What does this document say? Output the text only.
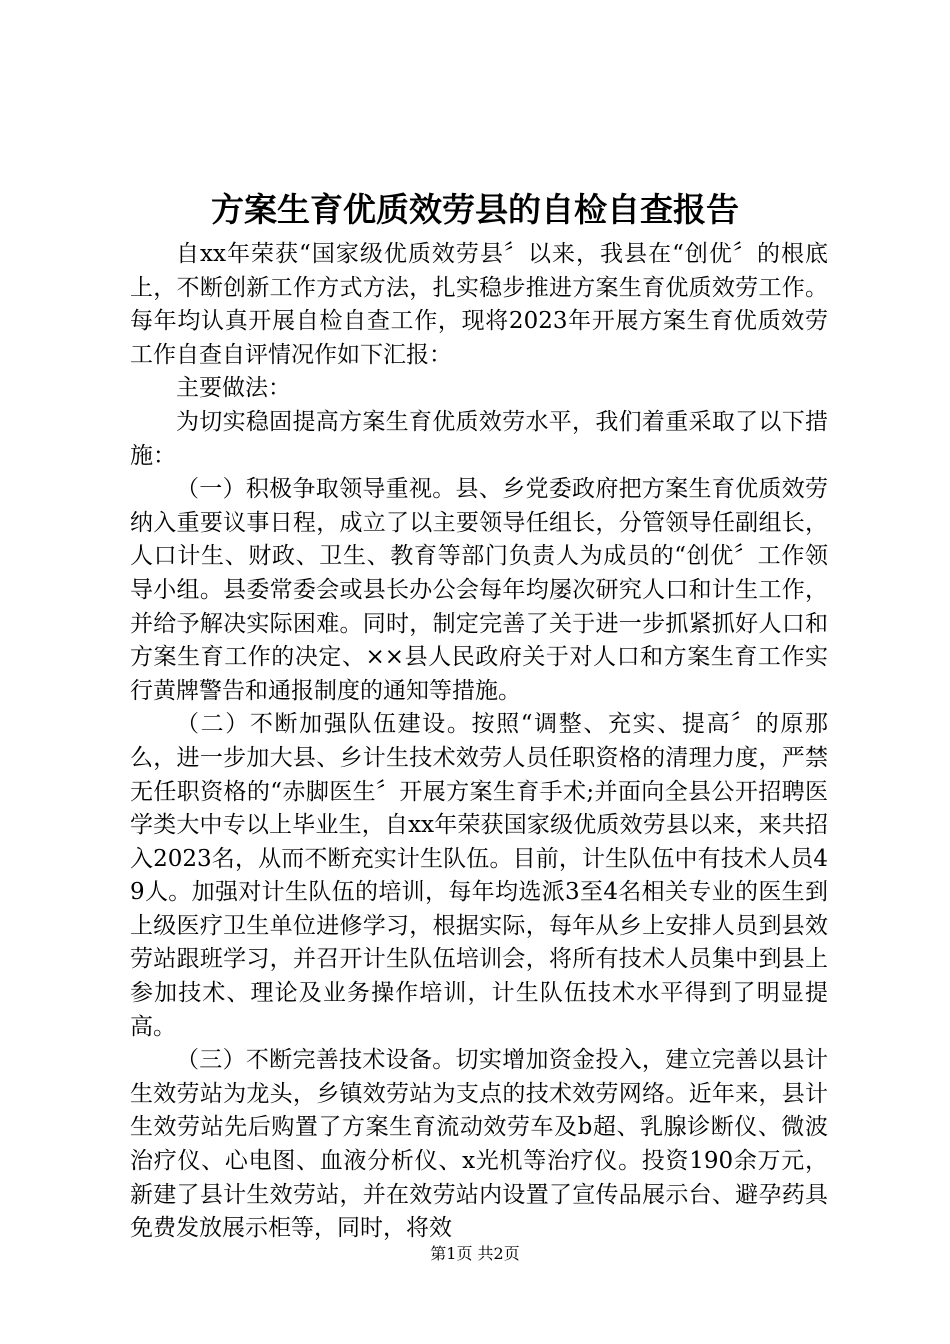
方案生育优质效劳县的自检自查报告

自xx年荣获“国家级优质效劳县〞以来，我县在“创优〞的根底上，不断创新工作方式方法，扎实稳步推进方案生育优质效劳工作。每年均认真开展自检自查工作，现将2023年开展方案生育优质效劳工作自查自评情况作如下汇报：

主要做法：

为切实稳固提高方案生育优质效劳水平，我们着重采取了以下措施：

（一）积极争取领导重视。县、乡党委政府把方案生育优质效劳纳入重要议事日程，成立了以主要领导任组长，分管领导任副组长，人口计生、财政、卫生、教育等部门负责人为成员的“创优〞工作领导小组。县委常委会或县长办公会每年均屡次研究人口和计生工作，并给予解决实际困难。同时，制定完善了关于进一步抓紧抓好人口和方案生育工作的决定、××县人民政府关于对人口和方案生育工作实行黄牌警告和通报制度的通知等措施。

（二）不断加强队伍建设。按照“调整、充实、提高〞的原那么，进一步加大县、乡计生技术效劳人员任职资格的清理力度，严禁无任职资格的“赤脚医生〞开展方案生育手术;并面向全县公开招聘医学类大中专以上毕业生，自xx年荣获国家级优质效劳县以来，来共招入2023名，从而不断充实计生队伍。目前，计生队伍中有技术人员49人。加强对计生队伍的培训，每年均选派3至4名相关专业的医生到上级医疗卫生单位进修学习，根据实际，每年从乡上安排人员到县效劳站跟班学习，并召开计生队伍培训会，将所有技术人员集中到县上参加技术、理论及业务操作培训，计生队伍技术水平得到了明显提高。

（三）不断完善技术设备。切实增加资金投入，建立完善以县计生效劳站为龙头，乡镇效劳站为支点的技术效劳网络。近年来，县计生效劳站先后购置了方案生育流动效劳车及b超、乳腺诊断仪、微波治疗仪、心电图、血液分析仪、x光机等治疗仪。投资190余万元，新建了县计生效劳站，并在效劳站内设置了宣传品展示台、避孕药具免费发放展示柜等，同时，将效

第1页 共2页
